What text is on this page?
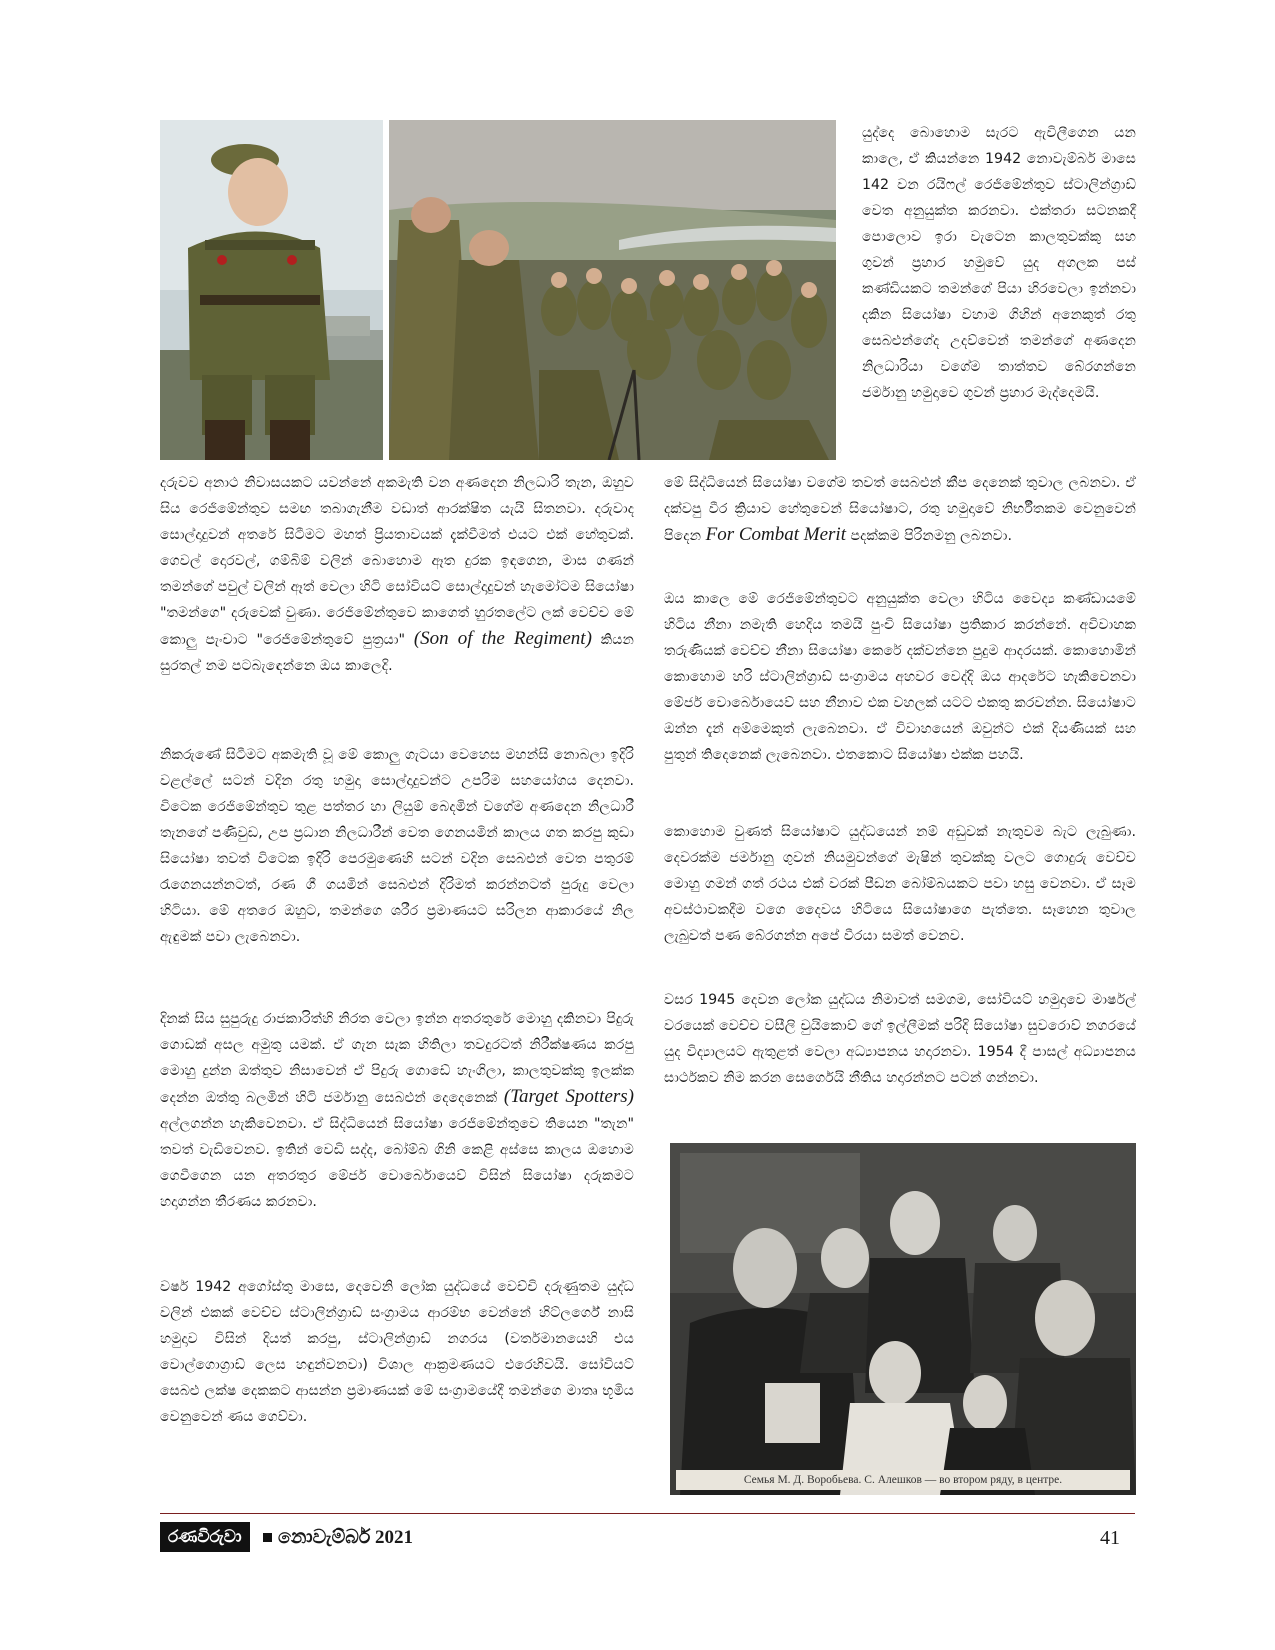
යුද්දෙ බොහොම සැරට ඇවිලීගෙන යන කාලෙ, ඒ කියන්නෙ 1942 නොවැම්බර් මාසෙ 142 වන රයිෆල් රෙජිමේන්තුව ස්ටාලින්ග්‍රාඩ් වෙත අනුයුක්ත කරනවා. එක්තරා සටනකදී පොලොව ඉරා වැටෙන කාලතුවක්කු සහ ගුවන් ප්‍රහාර හමුවේ යුද අගලක පස් කණ්ඩියකට තමන්ගේ පියා හිරවෙලා ඉන්නවා දකින සියෝෂා වහාම ගිහින් අනෙකුත් රතු සෙබළුන්ගේද උදව්වෙන් තමන්ගේ අණදෙන නිලධාරියා වගේම තාත්තව බේරගන්නෙ ජර්මානු හමුදාවෙ ගුවන් ප්‍රහාර මැද්දෙමයි.

මේ සිද්ධියෙන් සියෝෂා වගේම තවත් සෙබළුන් කීප දෙනෙක් තුවාල ලබනවා. ඒ දක්වපු වීර ක්‍රියාව හේතුවෙන් සියෝෂාට, රතු හමුදාවේ නිර්භීතකම වෙනුවෙන් පිදෙන For Combat Merit පදක්කම පිරිනමනු ලබනවා.

ඔය කාලෙ මේ රෙජිමේන්තුවට අනුයුක්ත වෙලා හිටිය වෛද්‍ය කණ්ඩායමේ හිටිය නීනා නමැති හෙදිය තමයි පුංචි සියෝෂා ප්‍රතිකාර කරන්නේ. අවිවාහක තරුණියක් වෙච්ච නීනා සියෝෂා කෙරේ දක්වන්නෙ පුදුම ආදරයක්. කොහොමින් කොහොම හරි ස්ටාලින්ග්‍රාඩ් සංග්‍රාමය අහවර වෙද්දි ඔය ආදරේට හැකිවෙනවා මේජර් වොර්බොයෙව් සහ නීනාව එක වහලක් යටට එකතු කරවන්න. සියෝෂාට ඔන්න දැන් අම්මෙකුත් ලැබෙනවා. ඒ විවාහයෙන් ඔවුන්ට එක් දියණියක් සහ පුතුන් තිදෙනෙක් ලැබෙනවා. එතකොට සියෝෂා එක්ක පහයි.

කොහොම වුණත් සියෝෂාට යුද්ධයෙන් නම් අඩුවක් නැතුවම බැට ලැබුණා. දෙවරක්ම ජර්මානු ගුවන් නියමුවන්ගේ මැෂින් තුවක්කු වලට ගොදුරු වෙච්ච මොහු ගමන් ගත් රථය එක් වරක් පීඩන බෝම්බයකට පවා හසු වෙනවා. ඒ සෑම අවස්ථාවකදීම වගෙ දෛවය හිටියෙ සියෝෂාගෙ පැත්තෙ. සෑහෙන තුවාල ලැබුවත් පණ බේරගන්න අපේ වීරයා සමත් වෙනව.

වසර 1945 දෙවන ලෝක යුද්ධය නිමාවත් සමගම, සෝවියට් හමුදාවෙ මාර්ෂල් වරයෙක් වෙච්ච වසීලි චුයිකොව් ගේ ඉල්ලීමක් පරිදි සියෝෂා සුවරොව් නගරයේ යුද විද්‍යාලයට ඇතුළත් වෙලා අධ්‍යාපනය හදාරනවා. 1954 දී පාසල් අධ්‍යාපනය සාර්ථකව නිම කරන සෙර්ගෙයි නීතිය හදාරන්නට පටන් ගන්නවා.

Семья М. Д. Воробьева. С. Алешков — во втором ряду, в центре.

දරුවව අනාථ නිවාසයකට යවන්නේ අකමැති වන අණදෙන නිලධාරි තැන, ඔහුව සිය රෙජිමේන්තුව සමඟ තබාගැනීම වඩාත් ආරක්ෂිත යැයි සිතනවා. දරුවාද සොල්දාදුවන් අතරේ සිටීමට මහත් ප්‍රියතාවයක් දැක්වීමත් එයට එක් හේතුවක්. ගෙවල් දොරවල්, ගම්බිම් වලින් බොහොම ඈත දුරක ඉඳගෙන, මාස ගණන් තමන්ගේ පවුල් වලින් ඈත් වෙලා හිටි සෝවියට් සොල්දාදුවන් හැමෝටම සියෝෂා "තමන්ගෙ" දරුවෙක් වුණා. රෙජිමේන්තුවෙ කාගෙත් හුරතලේට ලක් වෙච්ච මේ කොලු පැංචාට "රෙජිමේන්තුවේ පුත්‍රයා" (Son of the Regiment) කියන සුරතල් නම පටබැඳෙන්නෙ ඔය කාලෙදි.

නිකරුණේ සිටීමට අකමැති වූ මේ කොලු ගැටයා වෙහෙස මහන්සි නොබලා ඉදිරි වළල්ලේ සටන් වදින රතු හමුදා සොල්දාදුවන්ට උපරිම සහයෝගය දෙනවා. විටෙක රෙජිමේන්තුව තුළ පත්තර හා ලියුම් බෙදමින් වගේම අණදෙන නිලධාරී තැනගේ පණිවුඩ, උප ප්‍රධාන නිලධාරීන් වෙත ගෙනයමින් කාලය ගත කරපු කුඩා සියෝෂා තවත් විටෙක ඉදිරි පෙරමුණෙහි සටන් වදින සෙබළුන් වෙත පතුරම් රැගෙනයන්නටත්, රණ ගී ගයමින් සෙබළුන් දිරිමත් කරන්නටත් පුරුදු වෙලා හිටියා. මේ අතරෙ ඔහුට, තමන්ගෙ ශරීර ප්‍රමාණයට සරිලන ආකාරයේ නිල ඇඳුමක් පවා ලැබෙනවා.

දිනක් සිය සුපුරුදු රාජකාරිත්හි නිරත වෙලා ඉන්න අතරතුරේ මොහු දකිනවා පිදුරු ගොඩක් අසල අමුතු යමක්. ඒ ගැන සැක හිතිලා තවදුරටත් නිරීක්ෂණය කරපු මොහු දුන්න ඔත්තුව නිසාවෙන් ඒ පිදුරු ගොඩේ හැංගිලා, කාලතුවක්කු ඉලක්ක දෙන්න ඔත්තු බලමින් හිටි ජර්මානු සෙබළුන් දෙදෙනෙක් (Target Spotters) අල්ලගන්න හැකිවෙනවා. ඒ සිද්ධියෙන් සියෝෂා රෙජිමේන්තුවෙ තියෙන "තැන" තවත් වැඩිවෙනව. ඉතින් වෙඩි සද්ද, බෝම්බ ගිනි කෙළි අස්සෙ කාලය ඔහොම ගෙවීගෙන යන අතරතුර මේජර් වොර්බොයෙව් විසින් සියෝෂා දරුකමට හදාගන්න තීරණය කරනවා.

වර්ෂ 1942 අගෝස්තු මාසෙ, දෙවෙනි ලෝක යුද්ධයේ වෙච්චි දරුණුතම යුද්ධ වලින් එකක් වෙච්ච ස්ටාලින්ග්‍රාඩ් සංග්‍රාමය ආරම්භ වෙන්නේ හිට්ලර්ගේ නාසි හමුදාව විසින් දියත් කරපු, ස්ටාලින්ග්‍රාඩ් නගරය (වර්තමානයෙහි එය වොල්ගොග්‍රාඩ් ලෙස හඳුන්වනවා) විශාල ආක්‍රමණයට එරෙහිවයි. සෝවියට් සෙබළු ලක්ෂ දෙකකට ආසන්න ප්‍රමාණයක් මේ සංග්‍රාමයේදී තමන්ගෙ මාතෘ භූමිය වෙනුවෙන් ණය ගෙව්වා.

රණවිරුවා	නොවැම්බර් 2021	41
